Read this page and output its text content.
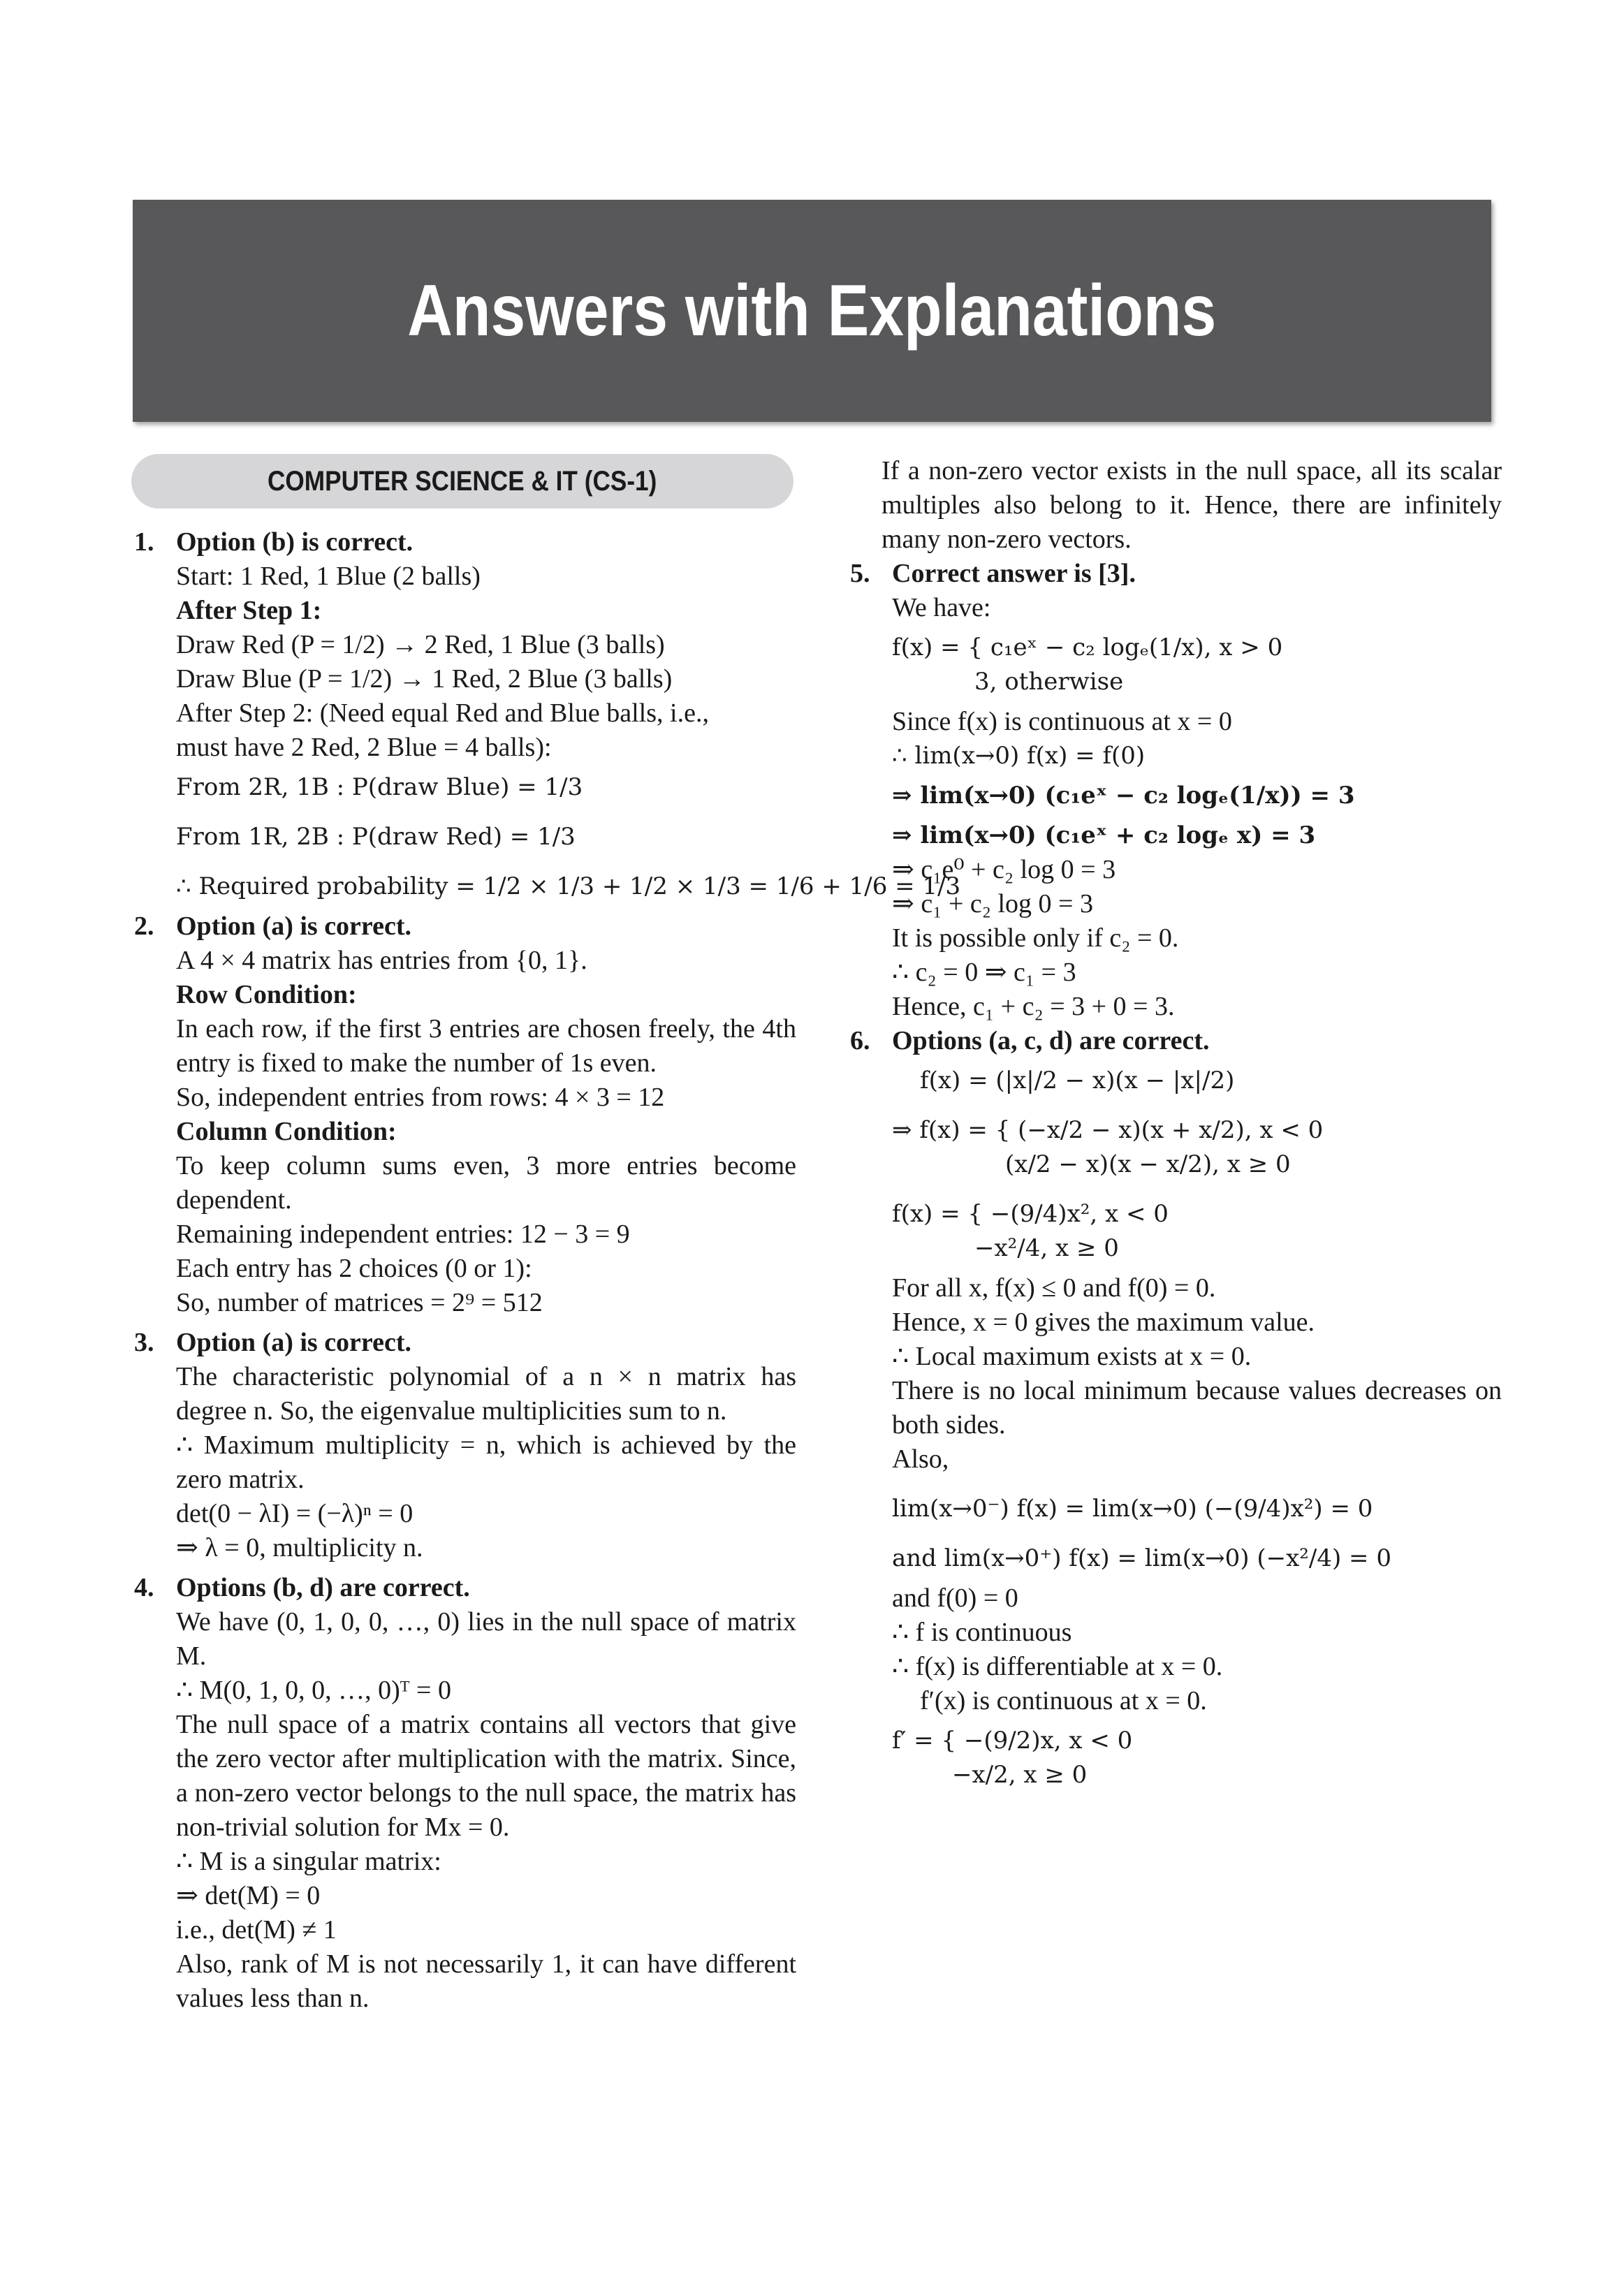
Answers with Explanations
COMPUTER SCIENCE & IT (CS-1)
1. Option (b) is correct.
Start: 1 Red, 1 Blue (2 balls)
After Step 1:
Draw Red (P = 1/2) → 2 Red, 1 Blue (3 balls)
Draw Blue (P = 1/2) → 1 Red, 2 Blue (3 balls)
After Step 2: (Need equal Red and Blue balls, i.e.,
must have 2 Red, 2 Blue = 4 balls):
From 2R, 1B : P(draw Blue) = 1/3
From 1R, 2B : P(draw Red) = 1/3
∴ Required probability = 1/2 × 1/3 + 1/2 × 1/3 = 1/6 + 1/6 = 1/3
2. Option (a) is correct.
A 4 × 4 matrix has entries from {0, 1}.
Row Condition:
In each row, if the first 3 entries are chosen freely, the 4th entry is fixed to make the number of 1s even.
So, independent entries from rows: 4 × 3 = 12
Column Condition:
To keep column sums even, 3 more entries become dependent.
Remaining independent entries: 12 − 3 = 9
Each entry has 2 choices (0 or 1):
So, number of matrices = 2⁹ = 512
3. Option (a) is correct.
The characteristic polynomial of a n × n matrix has degree n. So, the eigenvalue multiplicities sum to n.
∴ Maximum multiplicity = n, which is achieved by the zero matrix.
det(0 − λI) = (−λ)ⁿ = 0
⇒ λ = 0, multiplicity n.
4. Options (b, d) are correct.
We have (0, 1, 0, 0, …, 0) lies in the null space of matrix M.
∴ M(0, 1, 0, 0, …, 0)ᵀ = 0
The null space of a matrix contains all vectors that give the zero vector after multiplication with the matrix. Since, a non-zero vector belongs to the null space, the matrix has non-trivial solution for Mx = 0.
∴ M is a singular matrix:
⇒ det(M) = 0
i.e., det(M) ≠ 1
Also, rank of M is not necessarily 1, it can have different values less than n.
If a non-zero vector exists in the null space, all its scalar multiples also belong to it. Hence, there are infinitely many non-zero vectors.
5. Correct answer is [3].
We have:
f(x) = { c₁eˣ − c₂ logₑ(1/x), x > 0
3, otherwise
Since f(x) is continuous at x = 0
∴ lim(x→0) f(x) = f(0)
⇒ lim(x→0) (c₁eˣ − c₂ logₑ(1/x)) = 3
⇒ lim(x→0) (c₁eˣ + c₂ logₑ x) = 3
⇒ c₁e⁰ + c₂ log 0 = 3
⇒ c₁ + c₂ log 0 = 3
It is possible only if c₂ = 0.
∴ c₂ = 0 ⇒ c₁ = 3
Hence, c₁ + c₂ = 3 + 0 = 3.
6. Options (a, c, d) are correct.
f(x) = (|x|/2 − x)(x − |x|/2)
⇒ f(x) = { (−x/2 − x)(x + x/2), x < 0
(x/2 − x)(x − x/2), x ≥ 0
f(x) = { −(9/4)x², x < 0
−x²/4, x ≥ 0
For all x, f(x) ≤ 0 and f(0) = 0.
Hence, x = 0 gives the maximum value.
∴ Local maximum exists at x = 0.
There is no local minimum because values decreases on both sides.
Also,
lim(x→0⁻) f(x) = lim(x→0) (−(9/4)x²) = 0
and lim(x→0⁺) f(x) = lim(x→0) (−x²/4) = 0
and f(0) = 0
∴ f is continuous
∴ f(x) is differentiable at x = 0.
f′(x) is continuous at x = 0.
f′ = { −(9/2)x, x < 0
−x/2, x ≥ 0
